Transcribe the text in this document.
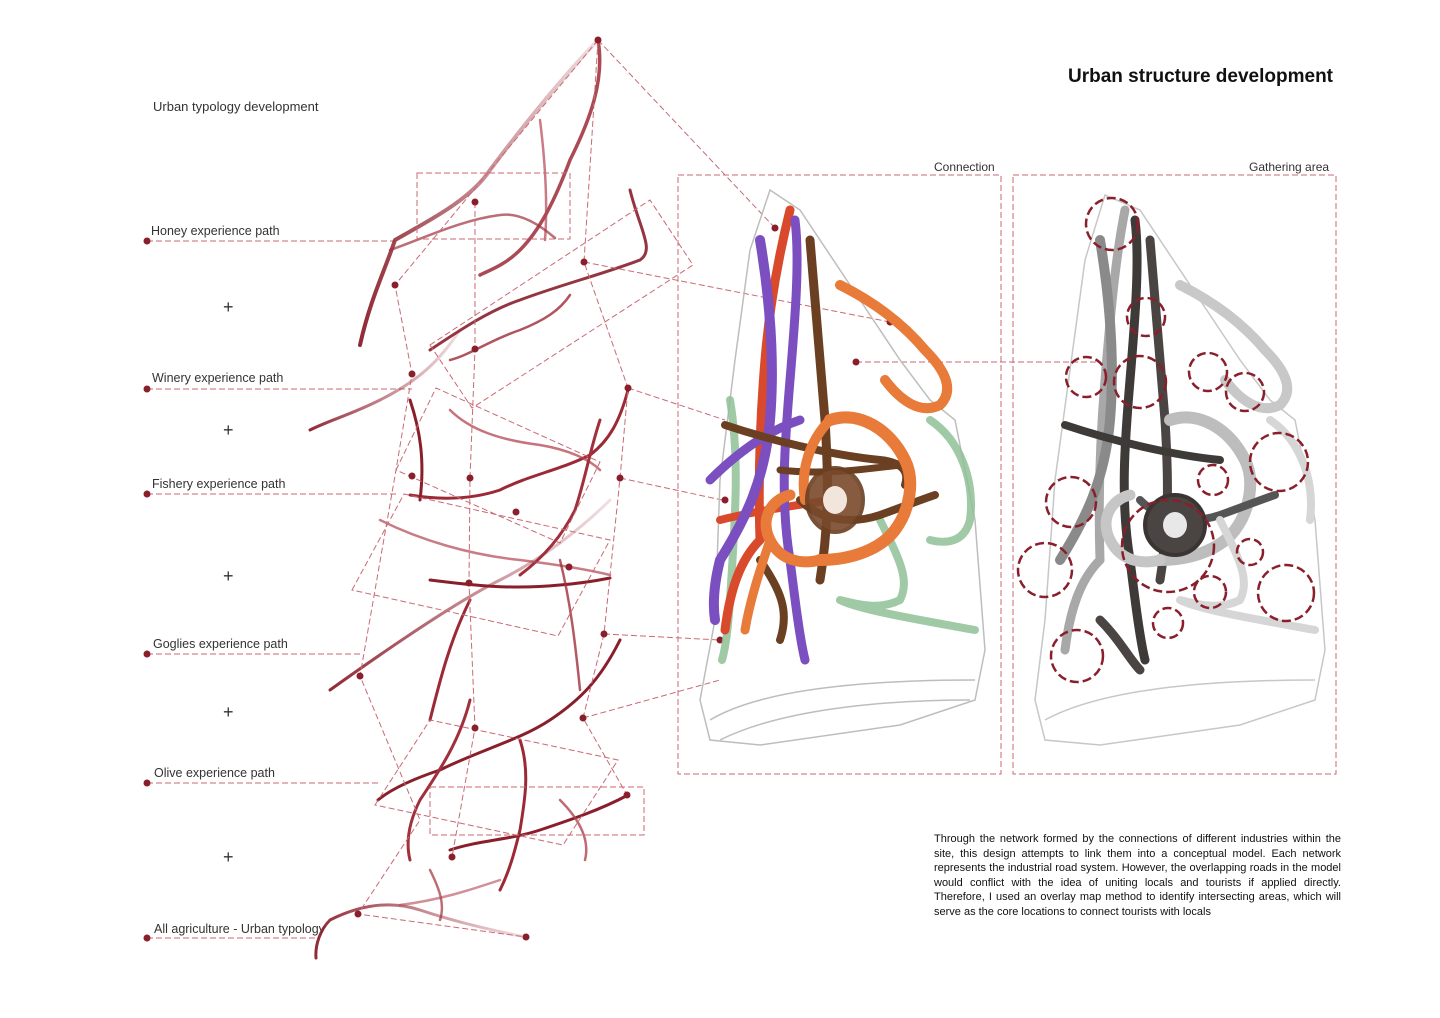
Urban structure development
Urban typology development
Honey experience path
Winery experience path
Fishery experience path
Goglies experience path
Olive experience path
All agriculture - Urban typology
+
+
+
+
+
Connection	Gathering area
Through the network formed by the connections of different industries within the site, this design attempts to link them into a conceptual model. Each network represents the industrial road system. However, the overlapping roads in the model would conflict with the idea of uniting locals and tourists if applied directly. Therefore, I used an overlay map method to identify intersecting areas, which will serve as the core locations to connect tourists with locals
